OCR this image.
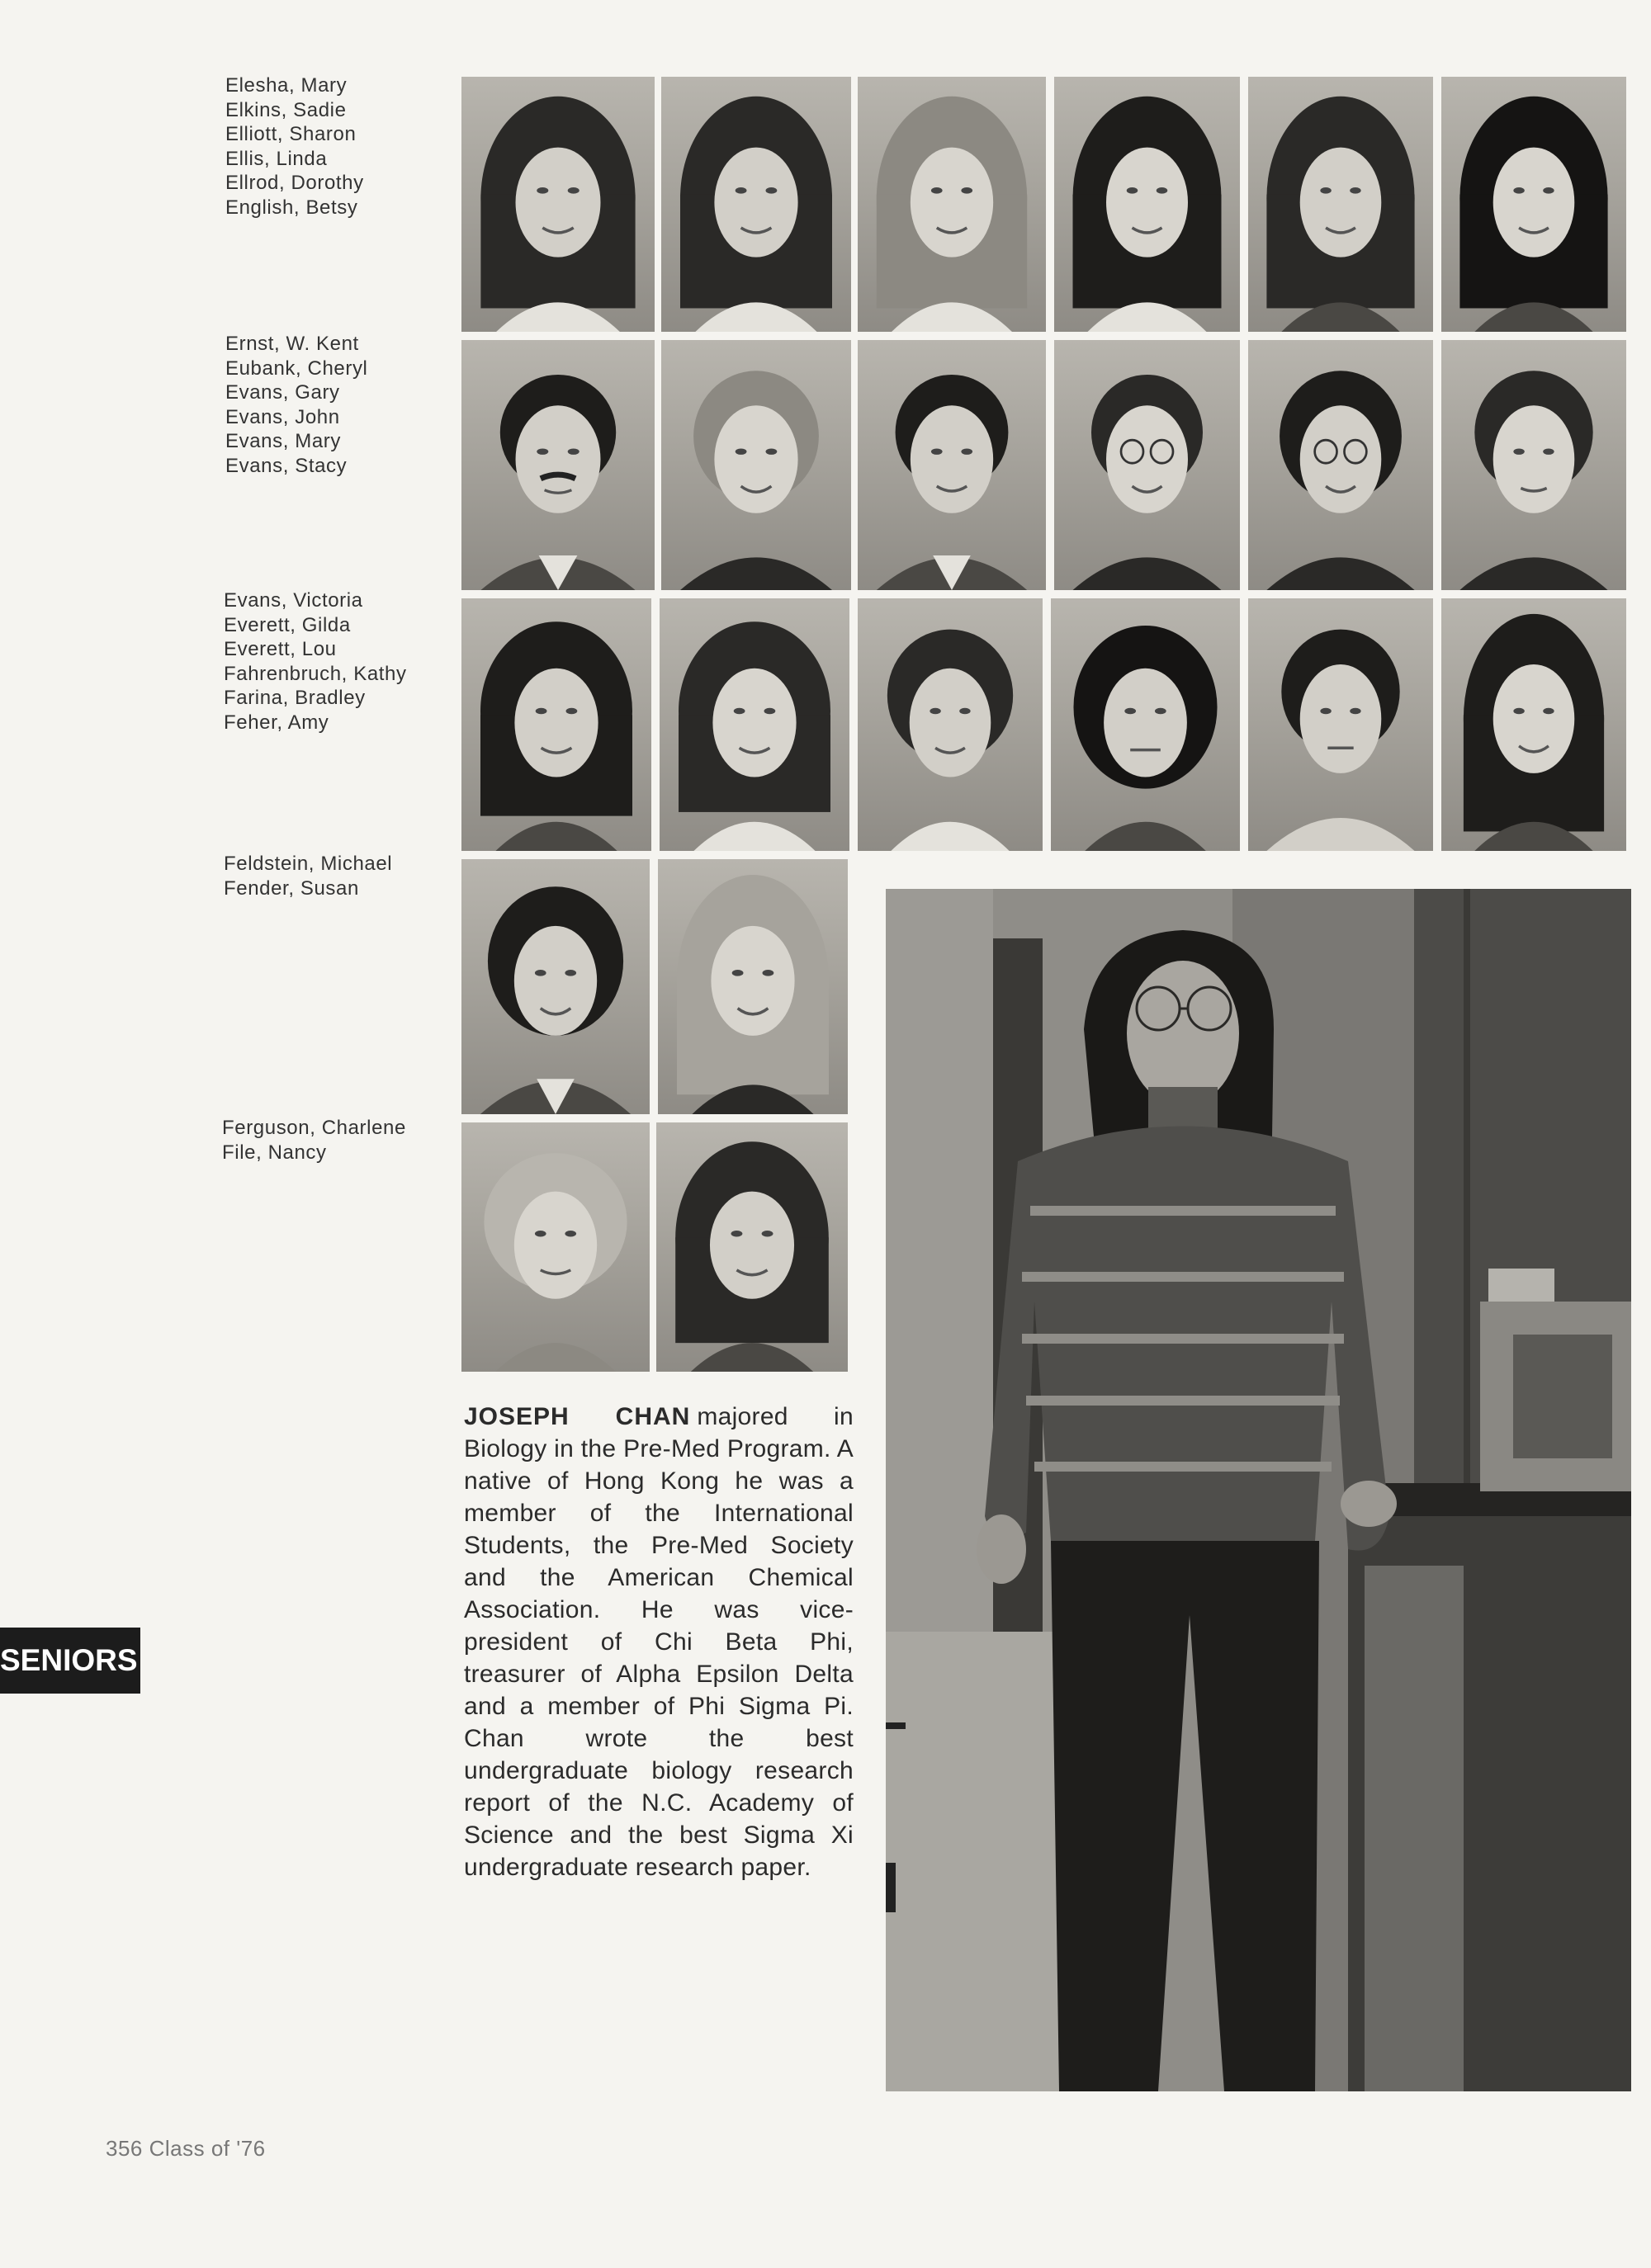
Elesha, Mary
Elkins, Sadie
Elliott, Sharon
Ellis, Linda
Ellrod, Dorothy
English, Betsy
Ernst, W. Kent
Eubank, Cheryl
Evans, Gary
Evans, John
Evans, Mary
Evans, Stacy
Evans, Victoria
Everett, Gilda
Everett, Lou
Fahrenbruch, Kathy
Farina, Bradley
Feher, Amy
Feldstein, Michael
Fender, Susan
Ferguson, Charlene
File, Nancy

JOSEPH CHAN majored in Biology in the Pre-Med Program. A native of Hong Kong he was a member of the International Students, the Pre-Med Society and the American Chemical Association. He was vice-president of Chi Beta Phi, treasurer of Alpha Epsilon Delta and a member of Phi Sigma Pi. Chan wrote the best undergraduate biology research report of the N.C. Academy of Science and the best Sigma Xi undergraduate research paper.

SENIORS
356 Class of '76
